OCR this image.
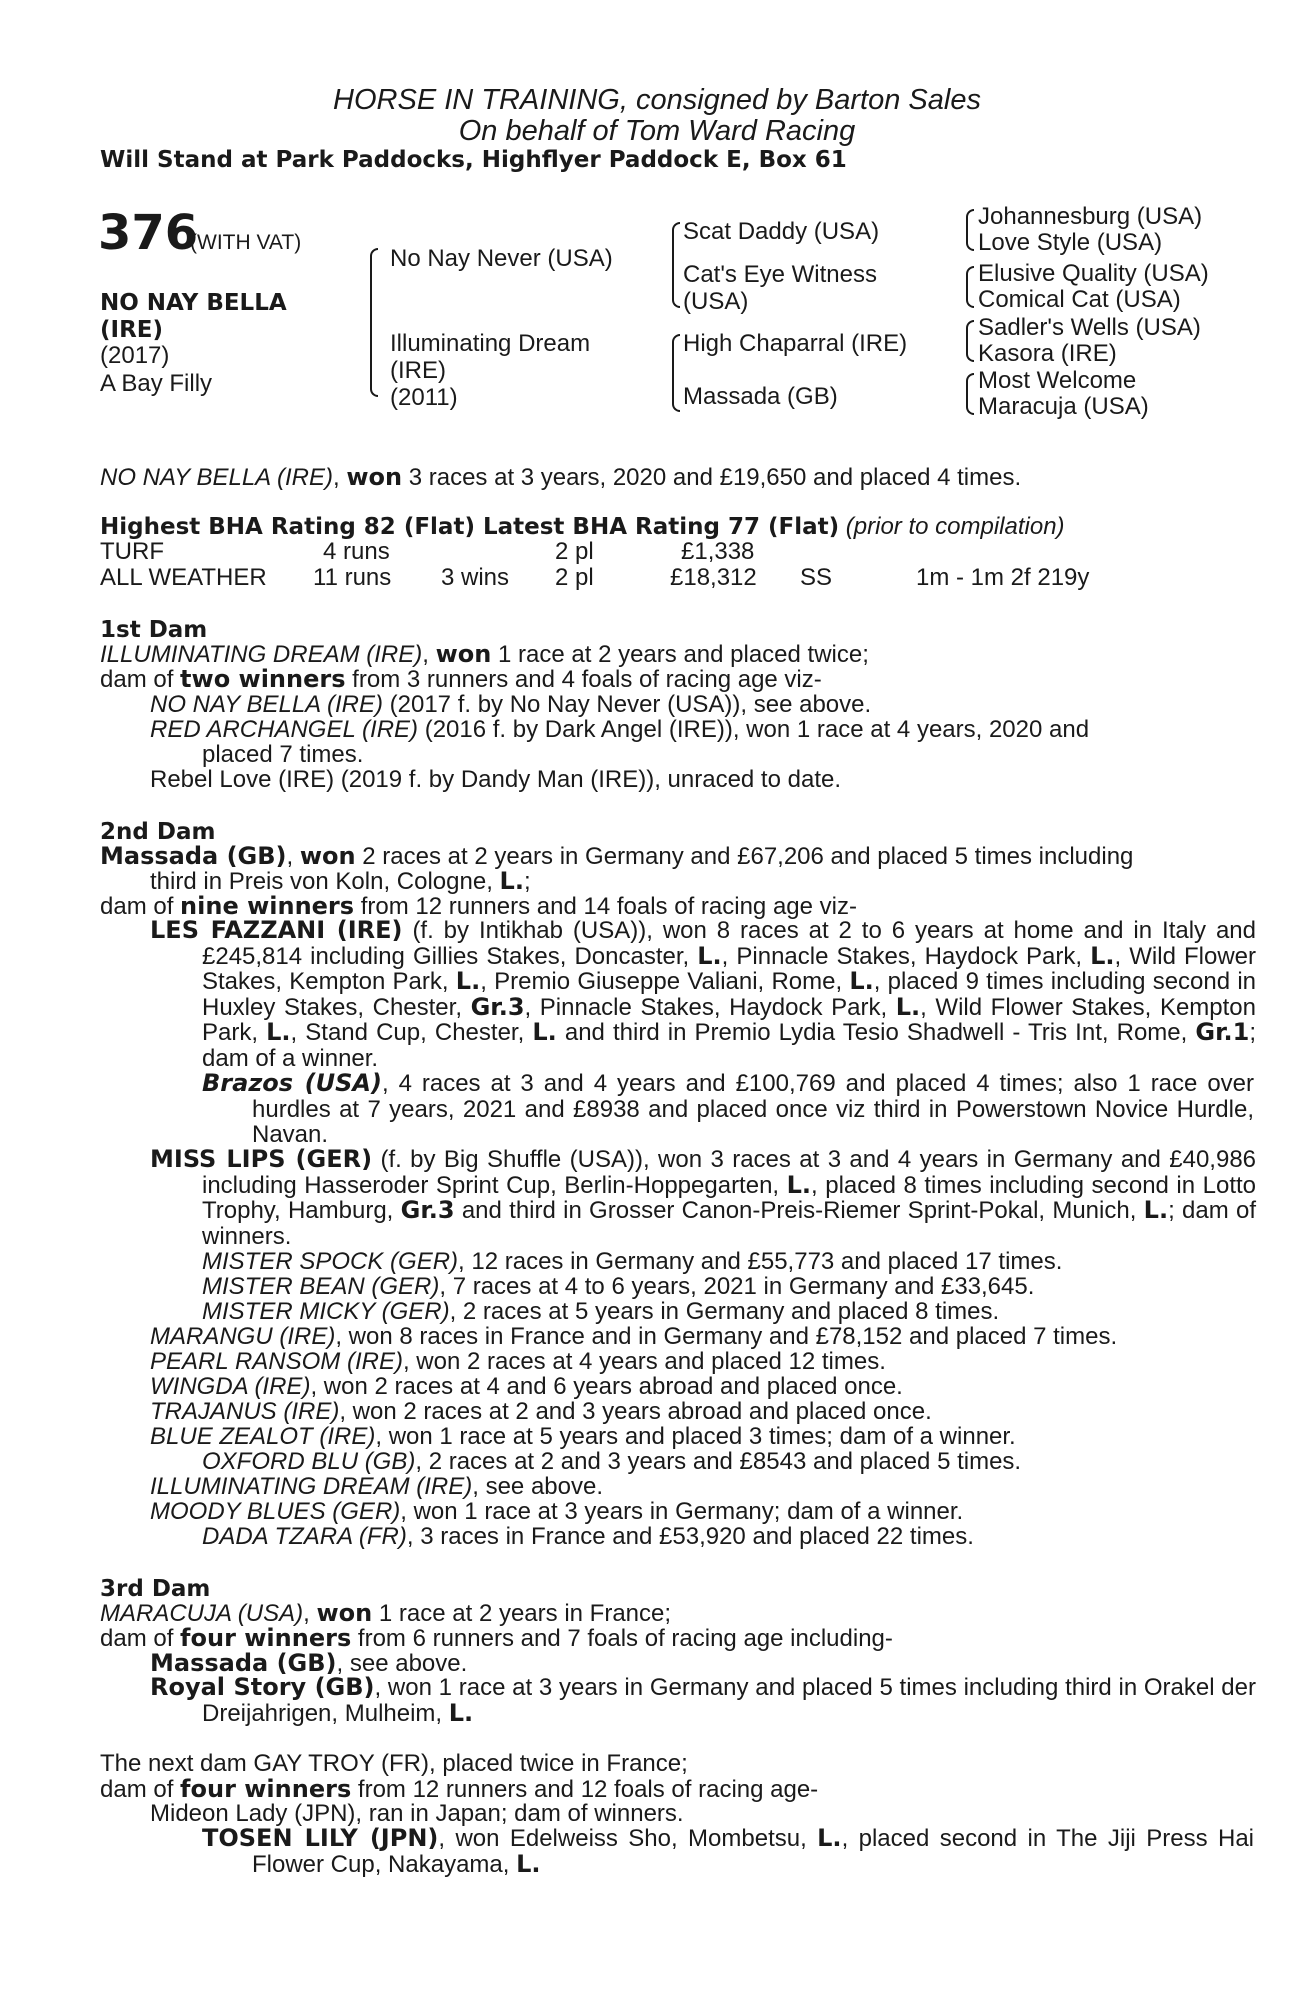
HORSE IN TRAINING, consigned by Barton Sales
On behalf of Tom Ward Racing
Will Stand at Park Paddocks, Highflyer Paddock E, Box 61
376
(WITH VAT)
NO NAY BELLA
(IRE)
(2017)
A Bay Filly
No Nay Never (USA)
Illuminating Dream
(IRE)
(2011)
Scat Daddy (USA)
Cat's Eye Witness
(USA)
High Chaparral (IRE)
Massada (GB)
Johannesburg (USA)
Love Style (USA)
Elusive Quality (USA)
Comical Cat (USA)
Sadler's Wells (USA)
Kasora (IRE)
Most Welcome
Maracuja (USA)
NO NAY BELLA (IRE), won 3 races at 3 years, 2020 and £19,650 and placed 4 times.
Highest BHA Rating 82 (Flat) Latest BHA Rating 77 (Flat) (prior to compilation)
TURF	4 runs	2 pl	£1,338
ALL WEATHER 11 runs 3 wins 2 pl	£18,312 SS	1m - 1m 2f 219y
1st Dam
ILLUMINATING DREAM (IRE), won 1 race at 2 years and placed twice;
dam of two winners from 3 runners and 4 foals of racing age viz-
NO NAY BELLA (IRE) (2017 f. by No Nay Never (USA)), see above.
RED ARCHANGEL (IRE) (2016 f. by Dark Angel (IRE)), won 1 race at 4 years, 2020 and
placed 7 times.
Rebel Love (IRE) (2019 f. by Dandy Man (IRE)), unraced to date.
2nd Dam
Massada (GB), won 2 races at 2 years in Germany and £67,206 and placed 5 times including
third in Preis von Koln, Cologne, L.;
dam of nine winners from 12 runners and 14 foals of racing age viz-
LES FAZZANI (IRE) (f. by Intikhab (USA)), won 8 races at 2 to 6 years at home and in Italy and £245,814 including Gillies Stakes, Doncaster, L., Pinnacle Stakes, Haydock Park, L., Wild Flower Stakes, Kempton Park, L., Premio Giuseppe Valiani, Rome, L., placed 9 times including second in Huxley Stakes, Chester, Gr.3, Pinnacle Stakes, Haydock Park, L., Wild Flower Stakes, Kempton Park, L., Stand Cup, Chester, L. and third in Premio Lydia Tesio Shadwell - Tris Int, Rome, Gr.1; dam of a winner.
Brazos (USA), 4 races at 3 and 4 years and £100,769 and placed 4 times; also 1 race over hurdles at 7 years, 2021 and £8938 and placed once viz third in Powerstown Novice Hurdle, Navan.
MISS LIPS (GER) (f. by Big Shuffle (USA)), won 3 races at 3 and 4 years in Germany and £40,986 including Hasseroder Sprint Cup, Berlin-Hoppegarten, L., placed 8 times including second in Lotto Trophy, Hamburg, Gr.3 and third in Grosser Canon-Preis-Riemer Sprint-Pokal, Munich, L.; dam of winners.
MISTER SPOCK (GER), 12 races in Germany and £55,773 and placed 17 times.
MISTER BEAN (GER), 7 races at 4 to 6 years, 2021 in Germany and £33,645.
MISTER MICKY (GER), 2 races at 5 years in Germany and placed 8 times.
MARANGU (IRE), won 8 races in France and in Germany and £78,152 and placed 7 times.
PEARL RANSOM (IRE), won 2 races at 4 years and placed 12 times.
WINGDA (IRE), won 2 races at 4 and 6 years abroad and placed once.
TRAJANUS (IRE), won 2 races at 2 and 3 years abroad and placed once.
BLUE ZEALOT (IRE), won 1 race at 5 years and placed 3 times; dam of a winner.
OXFORD BLU (GB), 2 races at 2 and 3 years and £8543 and placed 5 times.
ILLUMINATING DREAM (IRE), see above.
MOODY BLUES (GER), won 1 race at 3 years in Germany; dam of a winner.
DADA TZARA (FR), 3 races in France and £53,920 and placed 22 times.
3rd Dam
MARACUJA (USA), won 1 race at 2 years in France;
dam of four winners from 6 runners and 7 foals of racing age including-
Massada (GB), see above.
Royal Story (GB), won 1 race at 3 years in Germany and placed 5 times including third in Orakel der Dreijahrigen, Mulheim, L.
The next dam GAY TROY (FR), placed twice in France;
dam of four winners from 12 runners and 12 foals of racing age-
Mideon Lady (JPN), ran in Japan; dam of winners.
TOSEN LILY (JPN), won Edelweiss Sho, Mombetsu, L., placed second in The Jiji Press Hai Flower Cup, Nakayama, L.
